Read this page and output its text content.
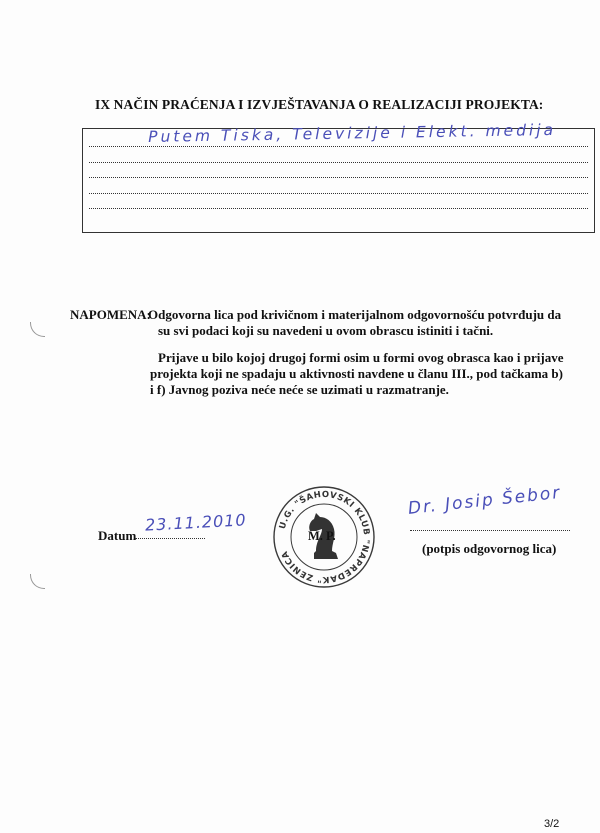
IX NAČIN PRAĆENJA I IZVJEŠTAVANJA O REALIZACIJI PROJEKTA:
Putem Tiska, Televizije i Elekt. medija
NAPOMENA:
Odgovorna lica pod krivičnom i materijalnom odgovornošću potvrđuju da
su svi podaci koji su navedeni u ovom obrascu istiniti i tačni.
Prijave u bilo kojoj drugoj formi osim u formi ovog obrasca kao i prijave
projekta koji ne spadaju u aktivnosti navdene u članu III., pod tačkama b)
i f) Javnog poziva neće neće se uzimati u razmatranje.
Datum
23.11.2010	U.G. "ŠAHOVSKI KLUB "NAPREDAK" ZENICA
M. P.
Dr. Josip Šebor
(potpis odgovornog lica)
3/2
